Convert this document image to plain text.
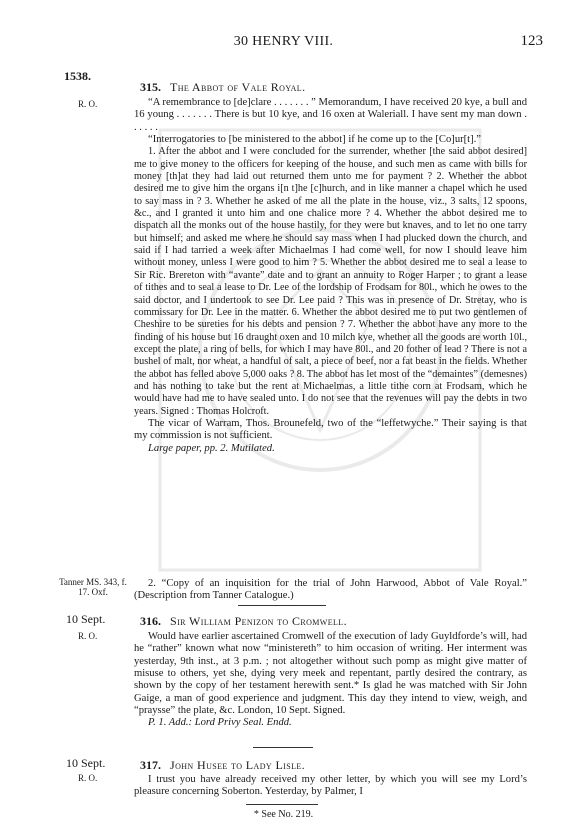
30 HENRY VIII.	123
1538.
R. O.
315. The Abbot of Vale Royal.

“A remembrance to [de]clare . . . . . . . ” Memorandum, I have received 20 kye, a bull and 16 young . . . . . . . There is but 10 kye, and 16 oxen at Waleriall. I have sent my man down . . . . . .

“Interrogatories to [be ministered to the abbot] if he come up to the [Co]ur[t].”

1. After the abbot and I were concluded for the surrender, whether [the said abbot desired] me to give money to the officers for keeping of the house, and such men as came with bills for money [th]at they had laid out returned them unto me for payment ? 2. Whether the abbot desired me to give him the organs i[n t]he [c]hurch, and in like manner a chapel which he used to say mass in ? 3. Whether he asked of me all the plate in the house, viz., 3 salts, 12 spoons, &c., and I granted it unto him and one chalice more ? 4. Whether the abbot desired me to dispatch all the monks out of the house hastily, for they were but knaves, and to let no one tarry but himself; and asked me where he should say mass when I had plucked down the church, and said if I had tarried a week after Michaelmas I had come well, for now I should leave him without money, unless I were good to him ? 5. Whether the abbot desired me to seal a lease to Sir Ric. Brereton with “avante” date and to grant an annuity to Roger Harper ; to grant a lease of tithes and to seal a lease to Dr. Lee of the lordship of Frodsam for 80l., which he owes to the said doctor, and I undertook to see Dr. Lee paid ? This was in presence of Dr. Stretay, who is commissary for Dr. Lee in the matter. 6. Whether the abbot desired me to put two gentlemen of Cheshire to be sureties for his debts and pension ? 7. Whether the abbot have any more to the finding of his house but 16 draught oxen and 10 milch kye, whether all the goods are worth 10l., except the plate, a ring of bells, for which I may have 80l., and 20 fother of lead ? There is not a bushel of malt, nor wheat, a handful of salt, a piece of beef, nor a fat beast in the fields. Whether the abbot has felled above 5,000 oaks ? 8. The abbot has let most of the “demaintes” (demesnes) and has nothing to take but the rent at Michaelmas, a little tithe corn at Frodsam, which he would have had me to have sealed unto. I do not see that the revenues will pay the debts in two years. Signed : Thomas Holcroft.

The vicar of Warram, Thos. Brounefeld, two of the “leffetwyche.” Their saying is that my commission is not sufficient.

Large paper, pp. 2. Mutilated.

Tanner MS. 343, f. 17. Oxf.

2. “Copy of an inquisition for the trial of John Harwood, Abbot of Vale Royal.” (Description from Tanner Catalogue.)

10 Sept.
R. O.
316. Sir William Penizon to Cromwell.

Would have earlier ascertained Cromwell of the execution of lady Guyldforde’s will, had he “rather” known what now “ministereth” to him occasion of writing. Her interment was yesterday, 9th inst., at 3 p.m. ; not altogether without such pomp as might give matter of misuse to others, yet she, dying very meek and repentant, partly desired the contrary, as shown by the copy of her testament herewith sent.* Is glad he was matched with Sir John Gaige, a man of good experience and judgment. This day they intend to view, weigh, and “praysse” the plate, &c. London, 10 Sept. Signed.

P. 1. Add.: Lord Privy Seal. Endd.

10 Sept.
R. O.
317. John Husee to Lady Lisle.

I trust you have already received my other letter, by which you will see my Lord’s pleasure concerning Soberton. Yesterday, by Palmer, I

* See No. 219.
